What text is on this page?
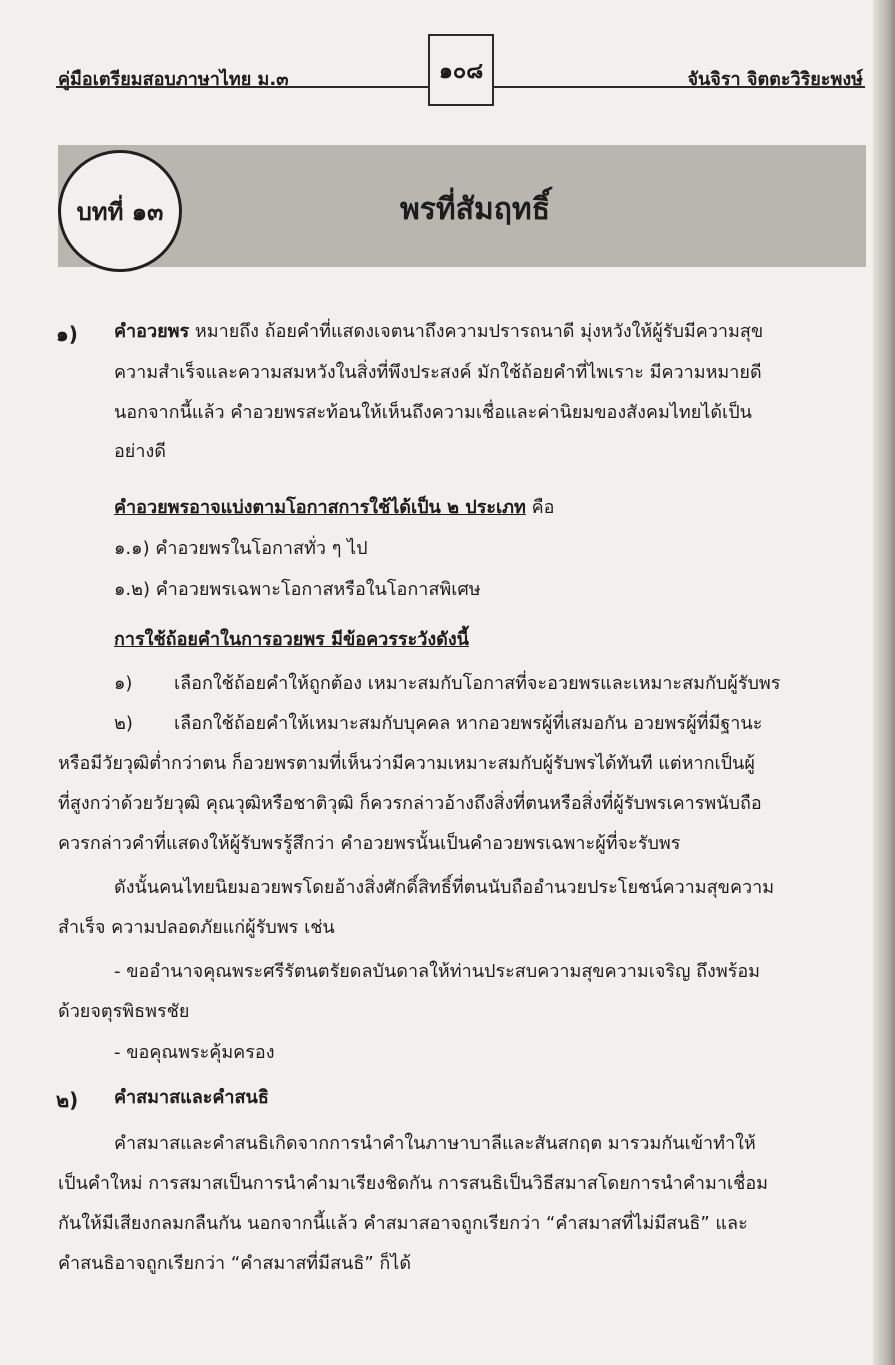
คู่มือเตรียมสอบภาษาไทย ม.๓	๑๐๘	จันจิรา จิตตะวิริยะพงษ์
บทที่ ๑๓	พรที่สัมฤทธิ์
๑) คำอวยพร หมายถึง ถ้อยคำที่แสดงเจตนาถึงความปรารถนาดี มุ่งหวังให้ผู้รับมีความสุข
ความสำเร็จและความสมหวังในสิ่งที่พึงประสงค์ มักใช้ถ้อยคำที่ไพเราะ มีความหมายดี
นอกจากนี้แล้ว คำอวยพรสะท้อนให้เห็นถึงความเชื่อและค่านิยมของสังคมไทยได้เป็น
อย่างดี
คำอวยพรอาจแบ่งตามโอกาสการใช้ได้เป็น ๒ ประเภท คือ
๑.๑) คำอวยพรในโอกาสทั่ว ๆ ไป
๑.๒) คำอวยพรเฉพาะโอกาสหรือในโอกาสพิเศษ
การใช้ถ้อยคำในการอวยพร มีข้อควรระวังดังนี้
๑) เลือกใช้ถ้อยคำให้ถูกต้อง เหมาะสมกับโอกาสที่จะอวยพรและเหมาะสมกับผู้รับพร
๒) เลือกใช้ถ้อยคำให้เหมาะสมกับบุคคล หากอวยพรผู้ที่เสมอกัน อวยพรผู้ที่มีฐานะ
หรือมีวัยวุฒิต่ำกว่าตน ก็อวยพรตามที่เห็นว่ามีความเหมาะสมกับผู้รับพรได้ทันที แต่หากเป็นผู้
ที่สูงกว่าด้วยวัยวุฒิ คุณวุฒิหรือชาติวุฒิ ก็ควรกล่าวอ้างถึงสิ่งที่ตนหรือสิ่งที่ผู้รับพรเคารพนับถือ
ควรกล่าวคำที่แสดงให้ผู้รับพรรู้สึกว่า คำอวยพรนั้นเป็นคำอวยพรเฉพาะผู้ที่จะรับพร
ดังนั้นคนไทยนิยมอวยพรโดยอ้างสิ่งศักดิ์สิทธิ์ที่ตนนับถืออำนวยประโยชน์ความสุขความ
สำเร็จ ความปลอดภัยแก่ผู้รับพร เช่น
- ขออำนาจคุณพระศรีรัตนตรัยดลบันดาลให้ท่านประสบความสุขความเจริญ ถึงพร้อม
ด้วยจตุรพิธพรชัย
- ขอคุณพระคุ้มครอง
๒) คำสมาสและคำสนธิ
คำสมาสและคำสนธิเกิดจากการนำคำในภาษาบาลีและสันสกฤต มารวมกันเข้าทำให้
เป็นคำใหม่ การสมาสเป็นการนำคำมาเรียงชิดกัน การสนธิเป็นวิธีสมาสโดยการนำคำมาเชื่อม
กันให้มีเสียงกลมกลืนกัน นอกจากนี้แล้ว คำสมาสอาจถูกเรียกว่า “คำสมาสที่ไม่มีสนธิ” และ
คำสนธิอาจถูกเรียกว่า “คำสมาสที่มีสนธิ” ก็ได้
